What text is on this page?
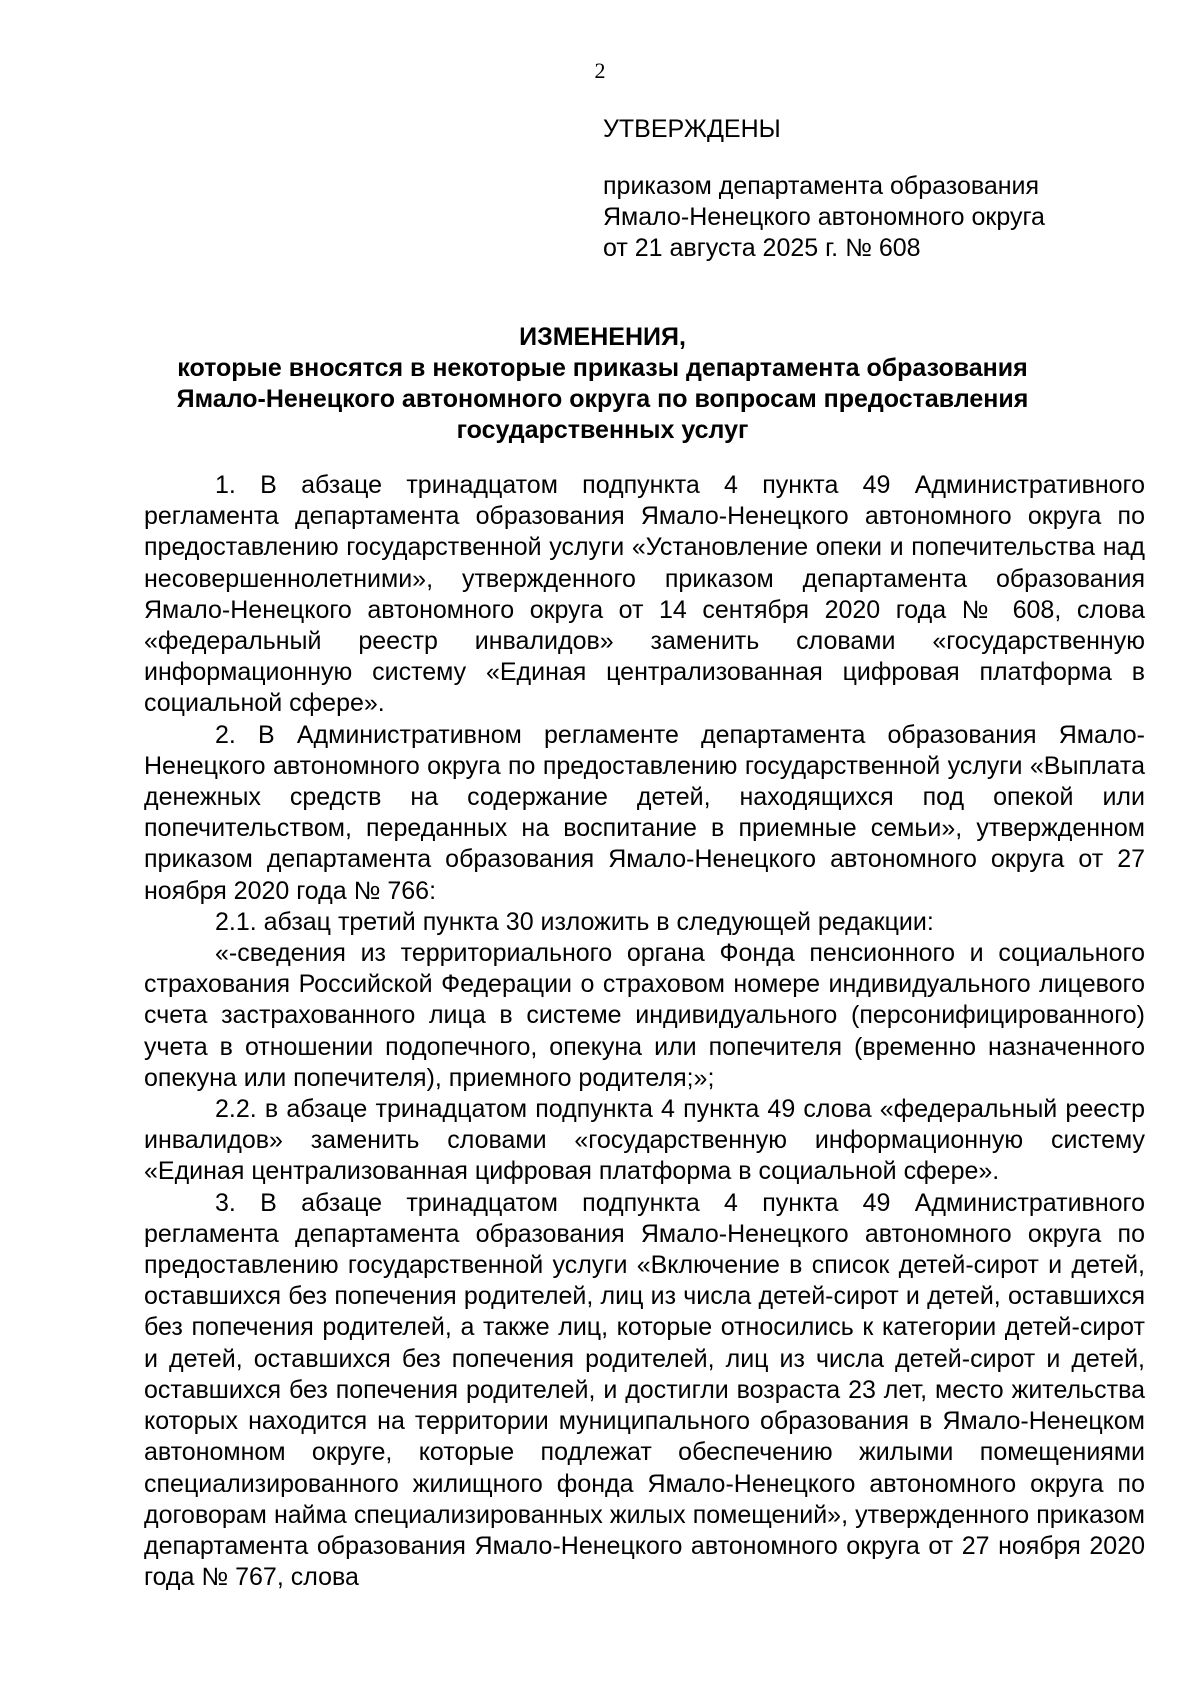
2
УТВЕРЖДЕНЫ
приказом департамента образования
Ямало-Ненецкого автономного округа
от 21 августа 2025 г. № 608
ИЗМЕНЕНИЯ,
которые вносятся в некоторые приказы департамента образования
Ямало-Ненецкого автономного округа по вопросам предоставления
государственных услуг

1. В абзаце тринадцатом подпункта 4 пункта 49 Административного регламента департамента образования Ямало-Ненецкого автономного округа по предоставлению государственной услуги «Установление опеки и попечительства над несовершеннолетними», утвержденного приказом департамента образования Ямало-Ненецкого автономного округа от 14 сентября 2020 года № 608, слова «федеральный реестр инвалидов» заменить словами «государственную информационную систему «Единая централизованная цифровая платформа в социальной сфере».

2. В Административном регламенте департамента образования Ямало-Ненецкого автономного округа по предоставлению государственной услуги «Выплата денежных средств на содержание детей, находящихся под опекой или попечительством, переданных на воспитание в приемные семьи», утвержденном приказом департамента образования Ямало-Ненецкого автономного округа от 27 ноября 2020 года № 766:

2.1. абзац третий пункта 30 изложить в следующей редакции:

«-сведения из территориального органа Фонда пенсионного и социального страхования Российской Федерации о страховом номере индивидуального лицевого счета застрахованного лица в системе индивидуального (персонифицированного) учета в отношении подопечного, опекуна или попечителя (временно назначенного опекуна или попечителя), приемного родителя;»;

2.2. в абзаце тринадцатом подпункта 4 пункта 49 слова «федеральный реестр инвалидов» заменить словами «государственную информационную систему «Единая централизованная цифровая платформа в социальной сфере».

3. В абзаце тринадцатом подпункта 4 пункта 49 Административного регламента департамента образования Ямало-Ненецкого автономного округа по предоставлению государственной услуги «Включение в список детей-сирот и детей, оставшихся без попечения родителей, лиц из числа детей-сирот и детей, оставшихся без попечения родителей, а также лиц, которые относились к категории детей-сирот и детей, оставшихся без попечения родителей, лиц из числа детей-сирот и детей, оставшихся без попечения родителей, и достигли возраста 23 лет, место жительства которых находится на территории муниципального образования в Ямало-Ненецком автономном округе, которые подлежат обеспечению жилыми помещениями специализированного жилищного фонда Ямало-Ненецкого автономного округа по договорам найма специализированных жилых помещений», утвержденного приказом департамента образования Ямало-Ненецкого автономного округа от 27 ноября 2020 года № 767, слова
